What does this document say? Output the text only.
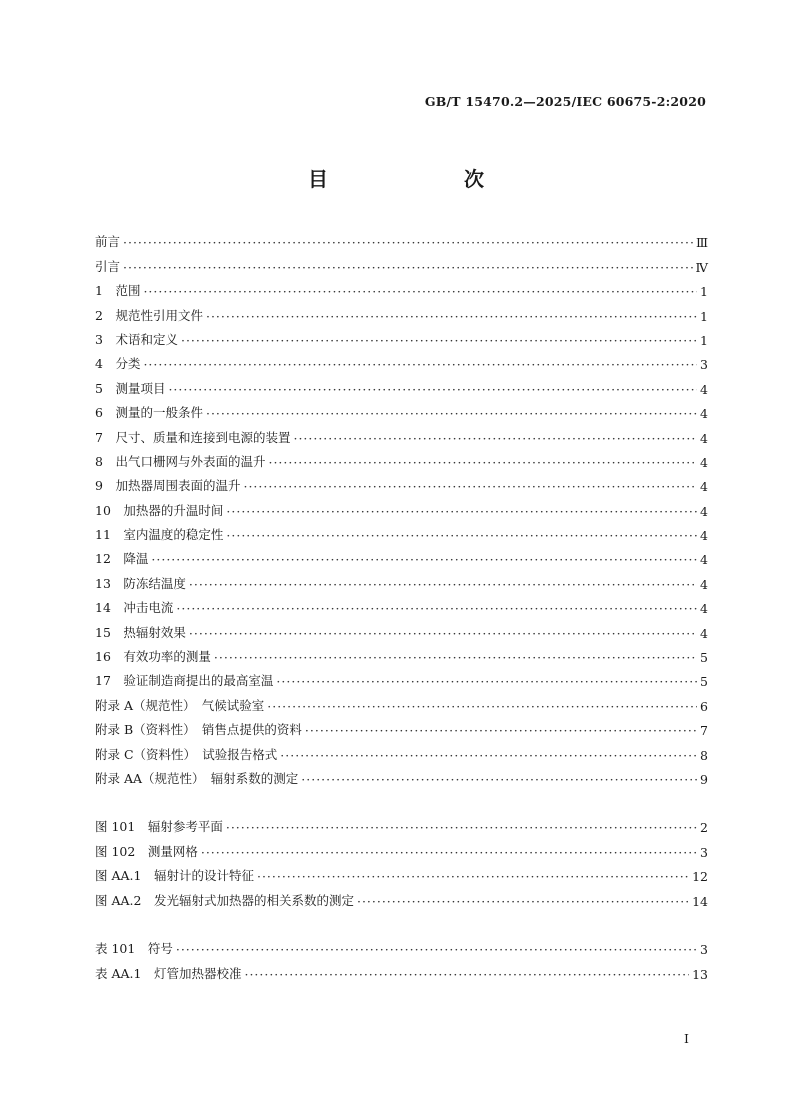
GB/T 15470.2—2025/IEC 60675-2:2020
目　　次
前言 ·····	Ⅲ
引言 ·····	Ⅳ
1　范围 ·····	1
2　规范性引用文件 ·····	1
3　术语和定义 ·····	1
4　分类 ·····	3
5　测量项目 ·····	4
6　测量的一般条件 ·····	4
7　尺寸、质量和连接到电源的装置 ·····	4
8　出气口栅网与外表面的温升 ·····	4
9　加热器周围表面的温升 ·····	4
10　加热器的升温时间 ·····	4
11　室内温度的稳定性 ·····	4
12　降温 ·····	4
13　防冻结温度 ·····	4
14　冲击电流 ·····	4
15　热辐射效果 ·····	4
16　有效功率的测量 ·····	5
17　验证制造商提出的最高室温 ·····	5
附录 A（规范性）　气候试验室 ·····	6
附录 B（资料性）　销售点提供的资料 ·····	7
附录 C（资料性）　试验报告格式 ·····	8
附录 AA（规范性）　辐射系数的测定 ·····	9
图 101　辐射参考平面 ·····	2
图 102　测量网格 ·····	3
图 AA.1　辐射计的设计特征 ·····	12
图 AA.2　发光辐射式加热器的相关系数的测定 ·····	14
表 101　符号 ·····	3
表 AA.1　灯管加热器校准 ·····	13
Ⅰ
